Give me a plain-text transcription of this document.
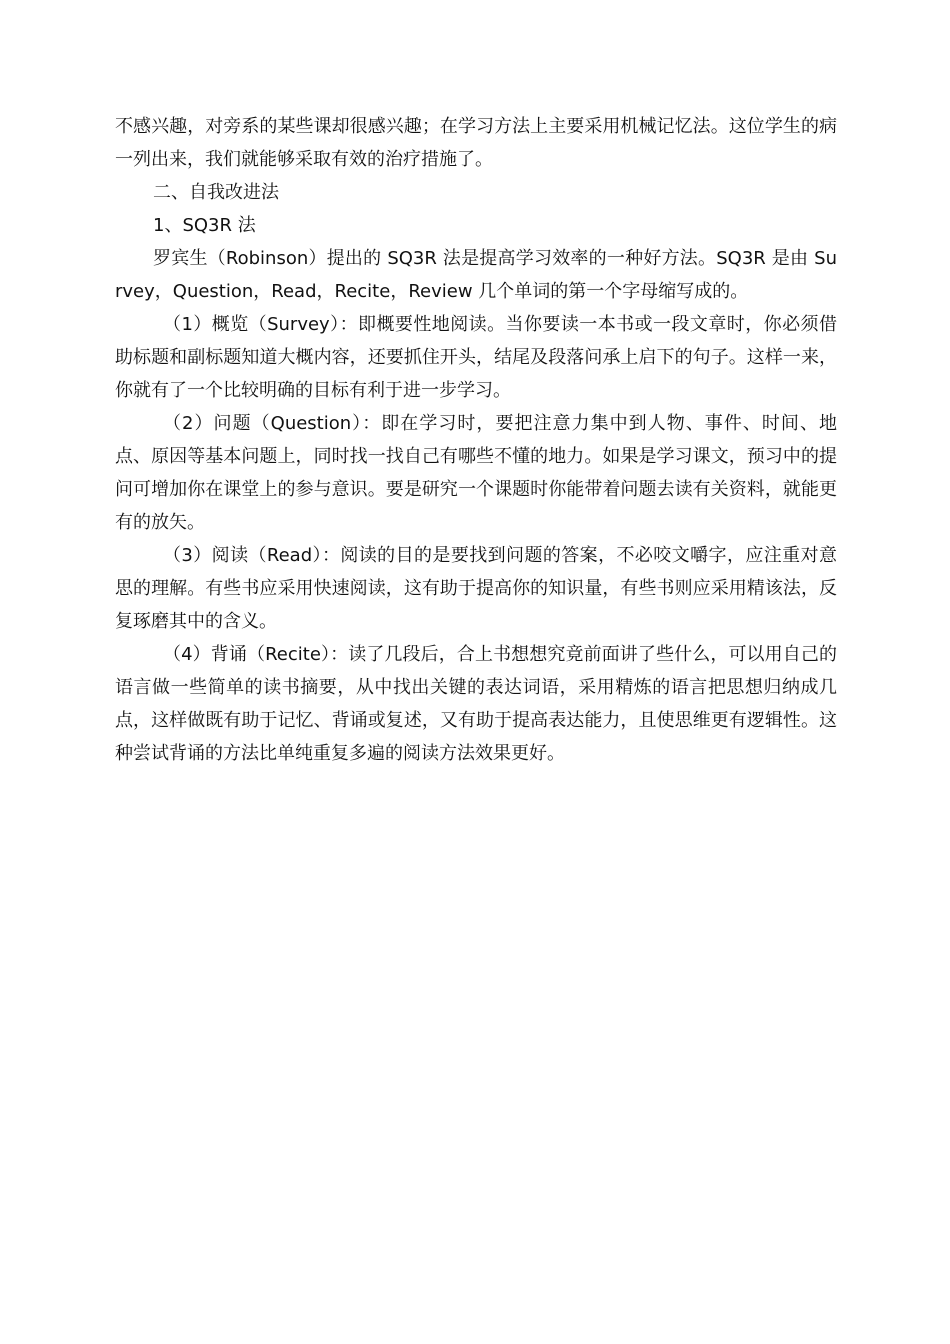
不感兴趣，对旁系的某些课却很感兴趣；在学习方法上主要采用机械记忆法。这位学生的病一列出来，我们就能够采取有效的治疗措施了。

二、自我改进法

1、SQ3R 法

罗宾生（Robinson）提出的 SQ3R 法是提高学习效率的一种好方法。SQ3R 是由 Survey，Question，Read，Recite，Review 几个单词的第一个字母缩写成的。

（1）概览（Survey）：即概要性地阅读。当你要读一本书或一段文章时，你必须借助标题和副标题知道大概内容，还要抓住开头，结尾及段落问承上启下的句子。这样一来，你就有了一个比较明确的目标有利于进一步学习。

（2）问题（Question）：即在学习时，要把注意力集中到人物、事件、时间、地点、原因等基本问题上，同时找一找自己有哪些不懂的地力。如果是学习课文，预习中的提问可增加你在课堂上的参与意识。要是研究一个课题时你能带着问题去读有关资料，就能更有的放矢。

（3）阅读（Read）：阅读的目的是要找到问题的答案，不必咬文嚼字，应注重对意思的理解。有些书应采用快速阅读，这有助于提高你的知识量，有些书则应采用精该法，反复琢磨其中的含义。

（4）背诵（Recite）：读了几段后，合上书想想究竟前面讲了些什么，可以用自己的语言做一些简单的读书摘要，从中找出关键的表达词语，采用精炼的语言把思想归纳成几点，这样做既有助于记忆、背诵或复述，又有助于提高表达能力，且使思维更有逻辑性。这种尝试背诵的方法比单纯重复多遍的阅读方法效果更好。
